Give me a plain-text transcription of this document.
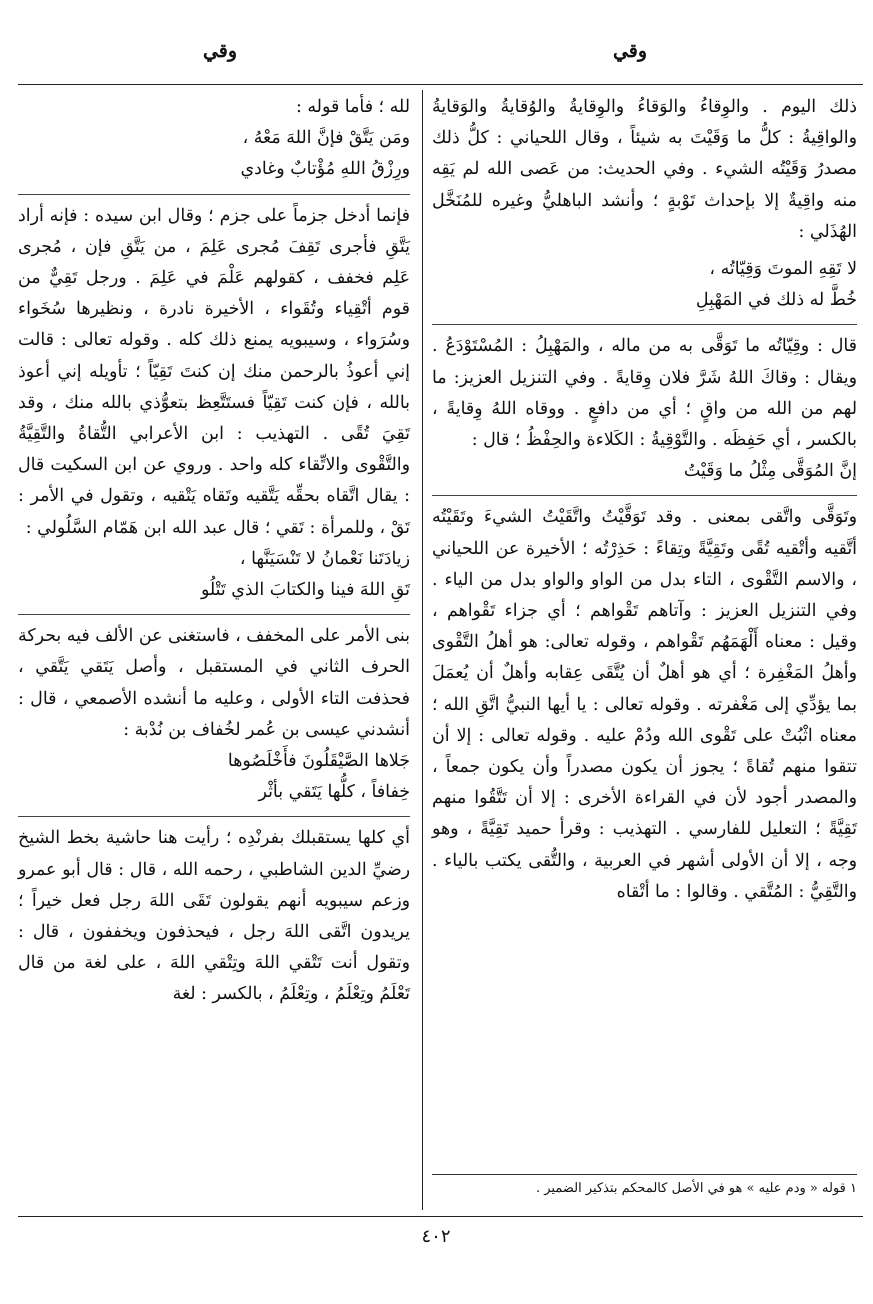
وقي
وقي

ذلك اليوم . والوِقاءُ والوَقاءُ والوِقايةُ والوُقايةُ والوَقايةُ والواقِيةُ : كلُّ ما وَقَيْتَ به شيئاً ، وقال اللحياني : كلُّ ذلك مصدرُ وَقَيْتُه الشيء . وفي الحديث: من عَصى الله لم يَقِه منه واقِيةٌ إلا بإحداث تَوْبةٍ ؛ وأنشد الباهليُّ وغيره للمُنَخَّل الهُذَلي :

لا تَقِهِ الموتَ وَقِيّاتُه ،

خُطَّ له ذلك في المَهْبِلِ

قال : وقِيّاتُه ما تَوَقَّى به من ماله ، والمَهْبِلُ : المُسْتَوْدَعُ . ويقال : وقاكَ اللهُ شَرَّ فلان وِقايةً . وفي التنزيل العزيز: ما لهم من الله من واقٍ ؛ أي من دافعٍ . ووقاه اللهُ وِقايةً ، بالكسر ، أي حَفِظَه . والتَّوْقِيةُ : الكَلاءة والحِفْظُ ؛ قال :

إنَّ المُوَقَّى مِثْلُ ما وَقَيْتُ

وتَوَقَّى واتَّقى بمعنى . وقد تَوَقَّيْتُ واتَّقَيْتُ الشيءَ وتَقَيْتُه أتَّقيه وأتْقيه تُقًى وتَقِيَّةً وتِقاءً : حَذِرْتُه ؛ الأخيرة عن اللحياني ، والاسم التَّقْوى ، التاء بدل من الواو والواو بدل من الياء . وفي التنزيل العزيز : وآتاهم تَقْواهم ؛ أي جزاء تَقْواهم ، وقيل : معناه أَلْهَمَهُم تَقْواهم ، وقوله تعالى: هو أهلُ التَّقْوى وأهلُ المَغْفِرة ؛ أي هو أهلٌ أن يُتَّقَى عِقابه وأهلٌ أن يُعمَلَ بما يؤدِّي إلى مَغْفرته . وقوله تعالى : يا أيها النبيُّ اتَّقِ الله ؛ معناه اثْبُتْ على تَقْوى الله ودُمْ عليه . وقوله تعالى : إلا أن تتقوا منهم تُقاةً ؛ يجوز أن يكون مصدراً وأن يكون جمعاً ، والمصدر أجود لأن في القراءة الأخرى : إلا أن تَتَّقُوا منهم تَقِيَّةً ؛ التعليل للفارسي . التهذيب : وقرأ حميد تَقِيَّةً ، وهو وجه ، إلا أن الأولى أشهر في العربية ، والتُّقى يكتب بالياء . والتَّقِيُّ : المُتَّقي . وقالوا : ما أتْقاه

لله ؛ فأما قوله :

ومَن يَتَّقْ فإنَّ اللهَ مَعْهُ ،

ورِزْقُ اللهِ مُؤْتابٌ وغادي

فإنما أدخل جزماً على جزم ؛ وقال ابن سيده : فإنه أراد يَتَّقِ فأجرى تَقِفَ مُجرى عَلِمَ ، من يَتَّقِ فإن ، مُجرى عَلِم فخفف ، كقولهم عَلْمَ في عَلِمَ . ورجل تَقِيٌّ من قوم أتْقِياء وتُقَواء ، الأخيرة نادرة ، ونظيرها سُخَواء وسُرَواء ، وسيبويه يمنع ذلك كله . وقوله تعالى : قالت إني أعوذُ بالرحمن منك إن كنتَ تَقِيّاً ؛ تأويله إني أعوذ بالله ، فإن كنت تَقِيّاً فستَتَّعِظ بتعوُّذي بالله منك ، وقد تَقِيَ تُقًى . التهذيب : ابن الأعرابي التُّقاةُ والتَّقِيَّةُ والتَّقْوى والاتِّقاء كله واحد . وروي عن ابن السكيت قال : يقال اتَّقاه بحقِّه يَتَّقيه وتَقاه يَتْقيه ، وتقول في الأمر : تَقْ ، وللمرأة : تَقي ؛ قال عبد الله ابن هَمّام السَّلُولي :

زيادَتَنا نَعْمانُ لا تَنْسَيَنَّها ،

تَقِ اللهَ فينا والكتابَ الذي تَتْلُو

بنى الأمر على المخفف ، فاستغنى عن الألف فيه بحركة الحرف الثاني في المستقبل ، وأصل يَتَقي يَتَّقي ، فحذفت التاء الأولى ، وعليه ما أنشده الأصمعي ، قال : أنشدني عيسى بن عُمر لخُفاف بن نُدْبة :

جَلاها الصَّيْقَلُونَ فأَخْلَصُوها

خِفافاً ، كلُّها يَتَقي بأثْر

أي كلها يستقبلك بفرنْدِه ؛ رأيت هنا حاشية بخط الشيخ رضيِّ الدين الشاطبي ، رحمه الله ، قال : قال أبو عمرو وزعم سيبويه أنهم يقولون تَقَى اللهَ رجل فعل خيراً ؛ يريدون اتَّقى اللهَ رجل ، فيحذفون ويخففون ، قال : وتقول أنت تَتْقي اللهَ وتِتْقي اللهَ ، على لغة من قال تَعْلَمُ وتِعْلَمُ ، وتِعْلَمُ ، بالكسر : لغة

١ قوله « ودم عليه » هو في الأصل كالمحكم بتذكير الضمير .
٤٠٢
